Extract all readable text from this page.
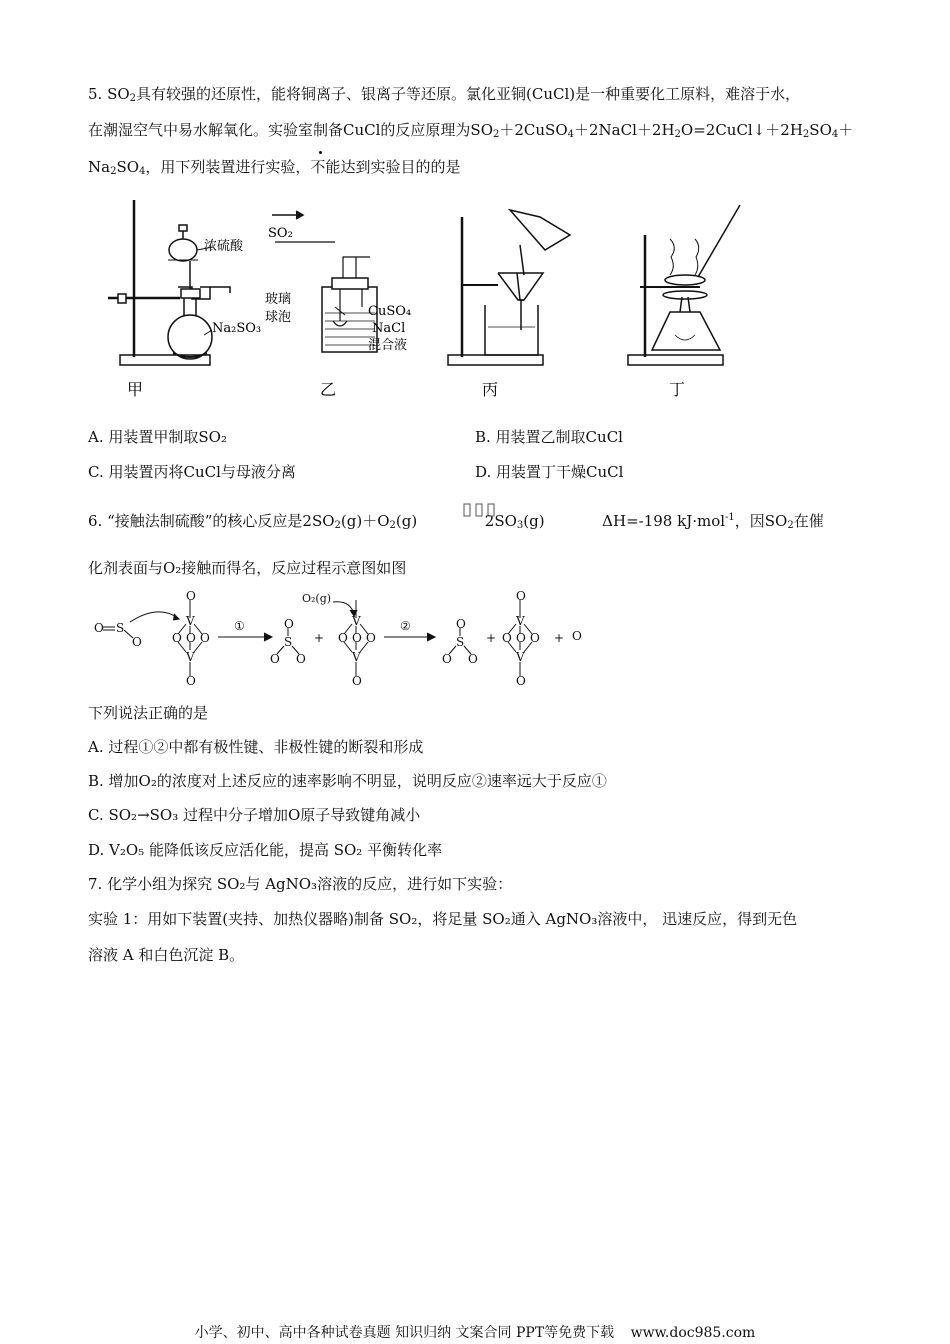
5. $SO_2$具有较强的还原性，能将铜离子、银离子等还原。氯化亚铜(CuCl)是一种重要化工原料，难溶于水，
在潮湿空气中易水解氧化。实验室制备CuCl的反应原理为$SO_2+2CuSO_4+2NaCl+2H_2O=2CuCl↓+2H_2SO_4+$
$Na_2SO_4$，用下列装置进行实验，不能达到实验目的的是
浓硫酸
Na₂SO₃
SO₂
玻璃
球泡	CuSO₄
NaCl
混合液
甲	乙	丙	丁
A. 用装置甲制取SO₂	B. 用装置乙制取CuCl
C. 用装置丙将CuCl与母液分离	D. 用装置丁干燥CuCl
6. “接触法制硫酸”的核心反应是$2SO_2(g)+O_2(g)$	$2SO_3(g)$	ΔH=-198 kJ·mol$^{-1}$，因$SO_2$在催
化剂表面与O₂接触而得名，反应过程示意图如图
O S
O
O
V
O O O
V
O
①	O
S
O O
+
O₂(g)
V
O O O
V
O
②	O
S
O O
+
O
V
O O O
V
O
+ O
下列说法正确的是
A. 过程①②中都有极性键、非极性键的断裂和形成
B. 增加O₂的浓度对上述反应的速率影响不明显，说明反应②速率远大于反应①
C. SO₂→SO₃ 过程中分子增加O原子导致键角减小
D. V₂O₅ 能降低该反应活化能，提高 SO₂ 平衡转化率
7. 化学小组为探究 SO₂与 AgNO₃溶液的反应，进行如下实验：
实验 1：用如下装置(夹持、加热仪器略)制备 SO₂，将足量 SO₂通入 AgNO₃溶液中， 迅速反应，得到无色
溶液 A 和白色沉淀 B。
小学、初中、高中各种试卷真题 知识归纳 文案合同 PPT等免费下载 www.doc985.com
